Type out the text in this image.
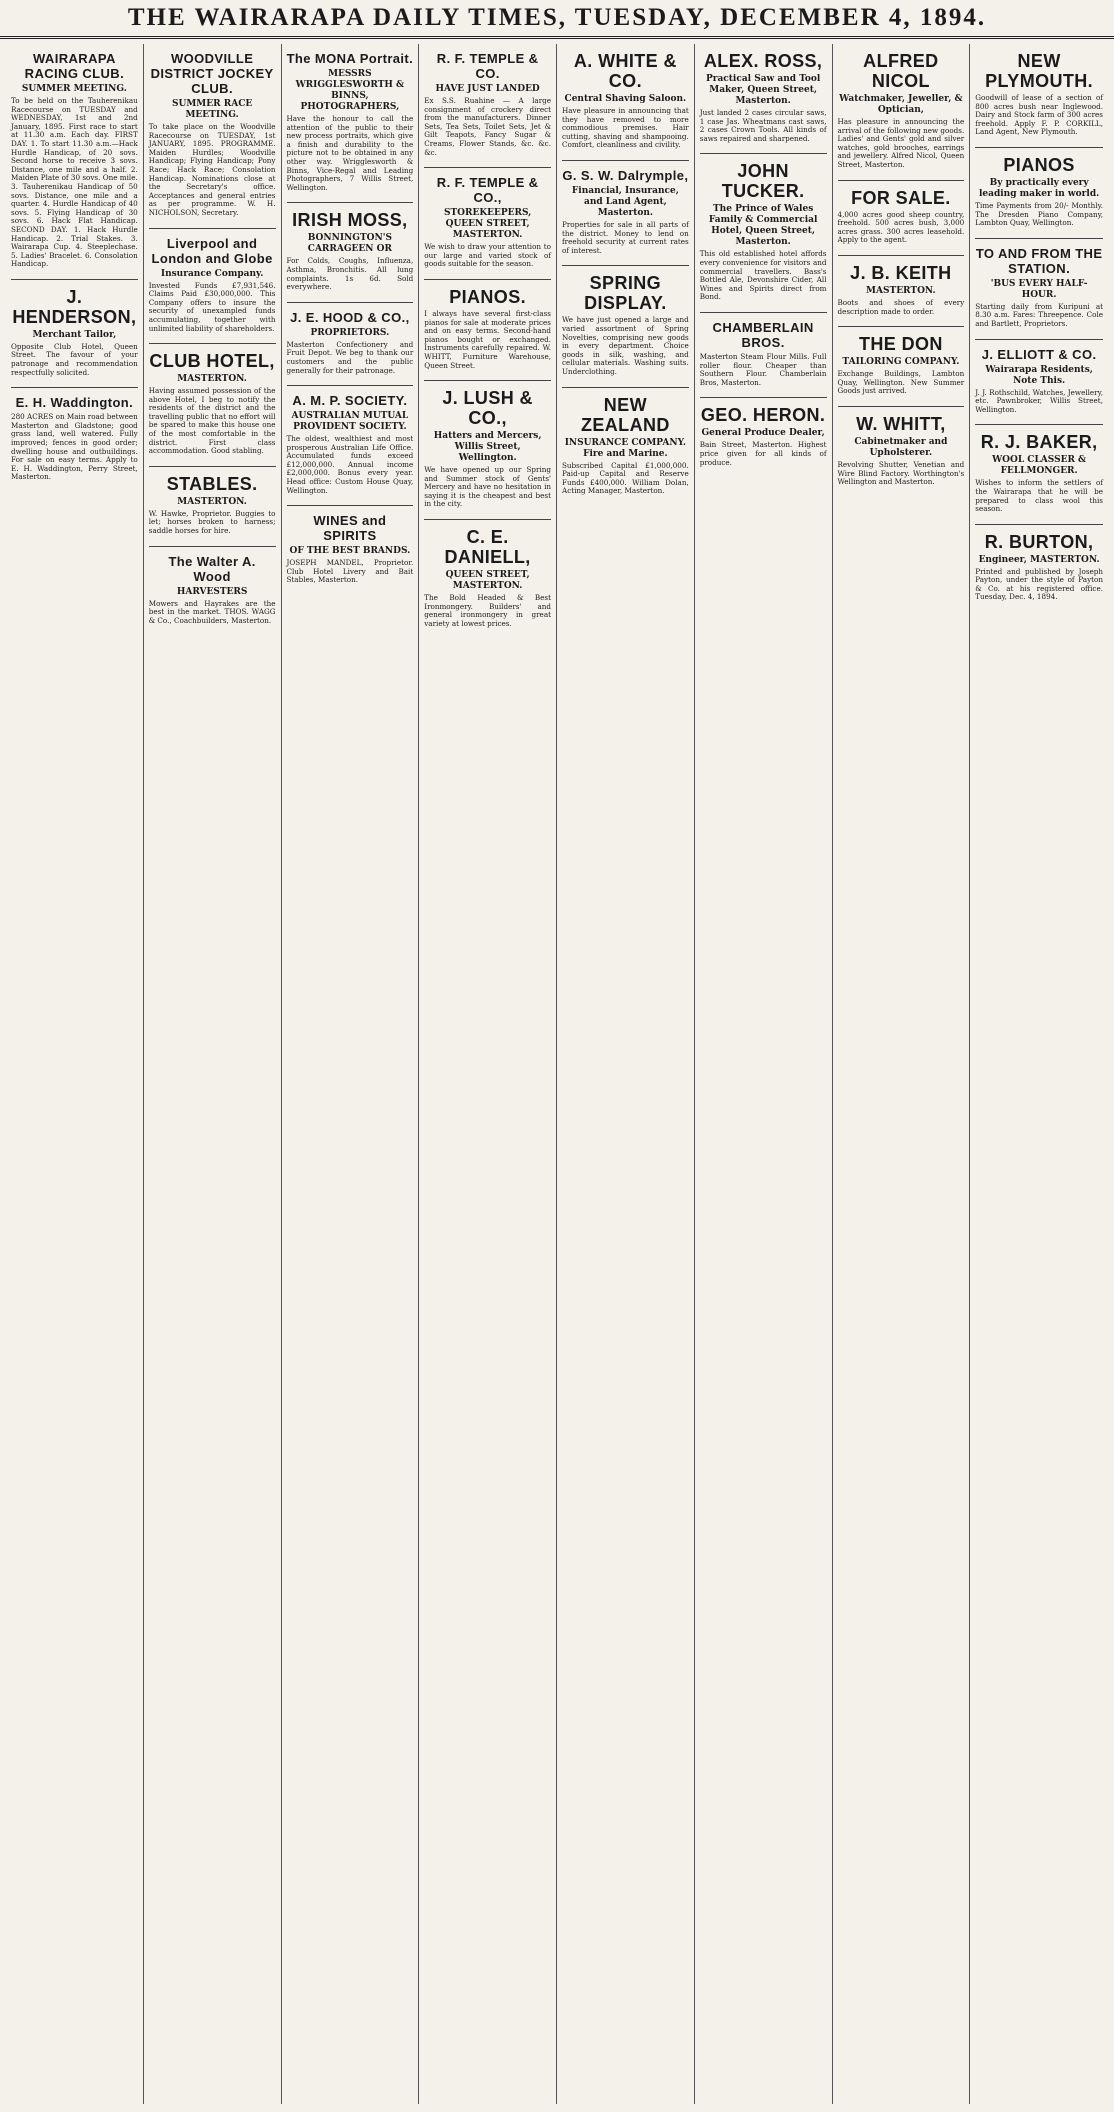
THE WAIRARAPA DAILY TIMES, TUESDAY, DECEMBER 4, 1894.
WAIRARAPA RACING CLUB.
SUMMER MEETING.

To be held on the Tauherenikau Racecourse on TUESDAY and WEDNESDAY, 1st and 2nd January, 1895. First race to start at 11.30 a.m. Each day. FIRST DAY. 1. To start 11.30 a.m.—Hack Hurdle Handicap, of 20 sovs. Second horse to receive 3 sovs. Distance, one mile and a half. 2. Maiden Plate of 30 sovs. One mile. 3. Tauherenikau Handicap of 50 sovs. Distance, one mile and a quarter. 4. Hurdle Handicap of 40 sovs. 5. Flying Handicap of 30 sovs. 6. Hack Flat Handicap. SECOND DAY. 1. Hack Hurdle Handicap. 2. Trial Stakes. 3. Wairarapa Cup. 4. Steeplechase. 5. Ladies' Bracelet. 6. Consolation Handicap.

J. HENDERSON,
Merchant Tailor,

Opposite Club Hotel, Queen Street. The favour of your patronage and recommendation respectfully solicited.

E. H. Waddington.

280 ACRES on Main road between Masterton and Gladstone; good grass land, well watered. Fully improved; fences in good order; dwelling house and outbuildings. For sale on easy terms. Apply to E. H. Waddington, Perry Street, Masterton.

WOODVILLE DISTRICT JOCKEY CLUB.
SUMMER RACE MEETING.

To take place on the Woodville Racecourse on TUESDAY, 1st JANUARY, 1895. PROGRAMME. Maiden Hurdles; Woodville Handicap; Flying Handicap; Pony Race; Hack Race; Consolation Handicap. Nominations close at the Secretary's office. Acceptances and general entries as per programme. W. H. NICHOLSON, Secretary.

Liverpool and London and Globe
Insurance Company.

Invested Funds £7,931,546. Claims Paid £30,000,000. This Company offers to insure the security of unexampled funds accumulating, together with unlimited liability of shareholders.

CLUB HOTEL,
MASTERTON.

Having assumed possession of the above Hotel, I beg to notify the residents of the district and the travelling public that no effort will be spared to make this house one of the most comfortable in the district. First class accommodation. Good stabling.

STABLES.
MASTERTON.

W. Hawke, Proprietor. Buggies to let; horses broken to harness; saddle horses for hire.

The Walter A. Wood
HARVESTERS

Mowers and Hayrakes are the best in the market. THOS. WAGG & Co., Coachbuilders, Masterton.

The MONA Portrait.
MESSRS WRIGGLESWORTH & BINNS, PHOTOGRAPHERS,

Have the honour to call the attention of the public to their new process portraits, which give a finish and durability to the picture not to be obtained in any other way. Wrigglesworth & Binns, Vice-Regal and Leading Photographers, 7 Willis Street, Wellington.

IRISH MOSS,
BONNINGTON'S CARRAGEEN OR

For Colds, Coughs, Influenza, Asthma, Bronchitis. All lung complaints. 1s 6d. Sold everywhere.

J. E. HOOD & CO.,
PROPRIETORS.

Masterton Confectionery and Fruit Depot. We beg to thank our customers and the public generally for their patronage.

A. M. P. SOCIETY.
AUSTRALIAN MUTUAL PROVIDENT SOCIETY.

The oldest, wealthiest and most prosperous Australian Life Office. Accumulated funds exceed £12,000,000. Annual income £2,000,000. Bonus every year. Head office: Custom House Quay, Wellington.

WINES and SPIRITS
OF THE BEST BRANDS.

JOSEPH MANDEL, Proprietor. Club Hotel Livery and Bait Stables, Masterton.

R. F. TEMPLE & CO.
HAVE JUST LANDED

Ex S.S. Ruahine — A large consignment of crockery direct from the manufacturers. Dinner Sets, Tea Sets, Toilet Sets, Jet & Gilt Teapots, Fancy Sugar & Creams, Flower Stands, &c. &c. &c.

R. F. TEMPLE & CO.,
STOREKEEPERS, QUEEN STREET, MASTERTON.

We wish to draw your attention to our large and varied stock of goods suitable for the season.

PIANOS.

I always have several first-class pianos for sale at moderate prices and on easy terms. Second-hand pianos bought or exchanged. Instruments carefully repaired. W. WHITT, Furniture Warehouse, Queen Street.

J. LUSH & CO.,
Hatters and Mercers, Willis Street, Wellington.

We have opened up our Spring and Summer stock of Gents' Mercery and have no hesitation in saying it is the cheapest and best in the city.

C. E. DANIELL,
QUEEN STREET, MASTERTON.

The Bold Headed & Best Ironmongery. Builders' and general ironmongery in great variety at lowest prices.

A. WHITE & CO.
Central Shaving Saloon.

Have pleasure in announcing that they have removed to more commodious premises. Hair cutting, shaving and shampooing. Comfort, cleanliness and civility.

G. S. W. Dalrymple,
Financial, Insurance, and Land Agent, Masterton.

Properties for sale in all parts of the district. Money to lend on freehold security at current rates of interest.

SPRING DISPLAY.

We have just opened a large and varied assortment of Spring Novelties, comprising new goods in every department. Choice goods in silk, washing, and cellular materials. Washing suits. Underclothing.

NEW ZEALAND
INSURANCE COMPANY. Fire and Marine.

Subscribed Capital £1,000,000. Paid-up Capital and Reserve Funds £400,000. William Dolan, Acting Manager, Masterton.

ALEX. ROSS,
Practical Saw and Tool Maker, Queen Street, Masterton.

Just landed 2 cases circular saws, 1 case Jas. Wheatmans cast saws, 2 cases Crown Tools. All kinds of saws repaired and sharpened.

JOHN TUCKER.
The Prince of Wales Family & Commercial Hotel, Queen Street, Masterton.

This old established hotel affords every convenience for visitors and commercial travellers. Bass's Bottled Ale, Devonshire Cider, All Wines and Spirits direct from Bond.

CHAMBERLAIN BROS.

Masterton Steam Flour Mills. Full roller flour. Cheaper than Southern Flour. Chamberlain Bros, Masterton.

GEO. HERON.
General Produce Dealer,

Bain Street, Masterton. Highest price given for all kinds of produce.

ALFRED NICOL
Watchmaker, Jeweller, & Optician,

Has pleasure in announcing the arrival of the following new goods. Ladies' and Gents' gold and silver watches, gold brooches, earrings and jewellery. Alfred Nicol, Queen Street, Masterton.

FOR SALE.

4,000 acres good sheep country, freehold. 500 acres bush, 3,000 acres grass. 300 acres leasehold. Apply to the agent.

J. B. KEITH
MASTERTON.

Boots and shoes of every description made to order.

THE DON
TAILORING COMPANY.

Exchange Buildings, Lambton Quay, Wellington. New Summer Goods just arrived.

W. WHITT,
Cabinetmaker and Upholsterer.

Revolving Shutter, Venetian and Wire Blind Factory. Worthington's Wellington and Masterton.

NEW PLYMOUTH.

Goodwill of lease of a section of 800 acres bush near Inglewood. Dairy and Stock farm of 300 acres freehold. Apply F. P. CORKILL, Land Agent, New Plymouth.

PIANOS
By practically every leading maker in world.

Time Payments from 20/- Monthly. The Dresden Piano Company, Lambton Quay, Wellington.

TO AND FROM THE STATION.
'BUS EVERY HALF-HOUR.

Starting daily from Kuripuni at 8.30 a.m. Fares: Threepence. Cole and Bartlett, Proprietors.

J. ELLIOTT & CO.
Wairarapa Residents, Note This.

J. J. Rothschild, Watches, Jewellery, etc. Pawnbroker, Willis Street, Wellington.

R. J. BAKER,
WOOL CLASSER & FELLMONGER.

Wishes to inform the settlers of the Wairarapa that he will be prepared to class wool this season.

R. BURTON,
Engineer, MASTERTON.

Printed and published by Joseph Payton, under the style of Payton & Co. at his registered office. Tuesday, Dec. 4, 1894.
